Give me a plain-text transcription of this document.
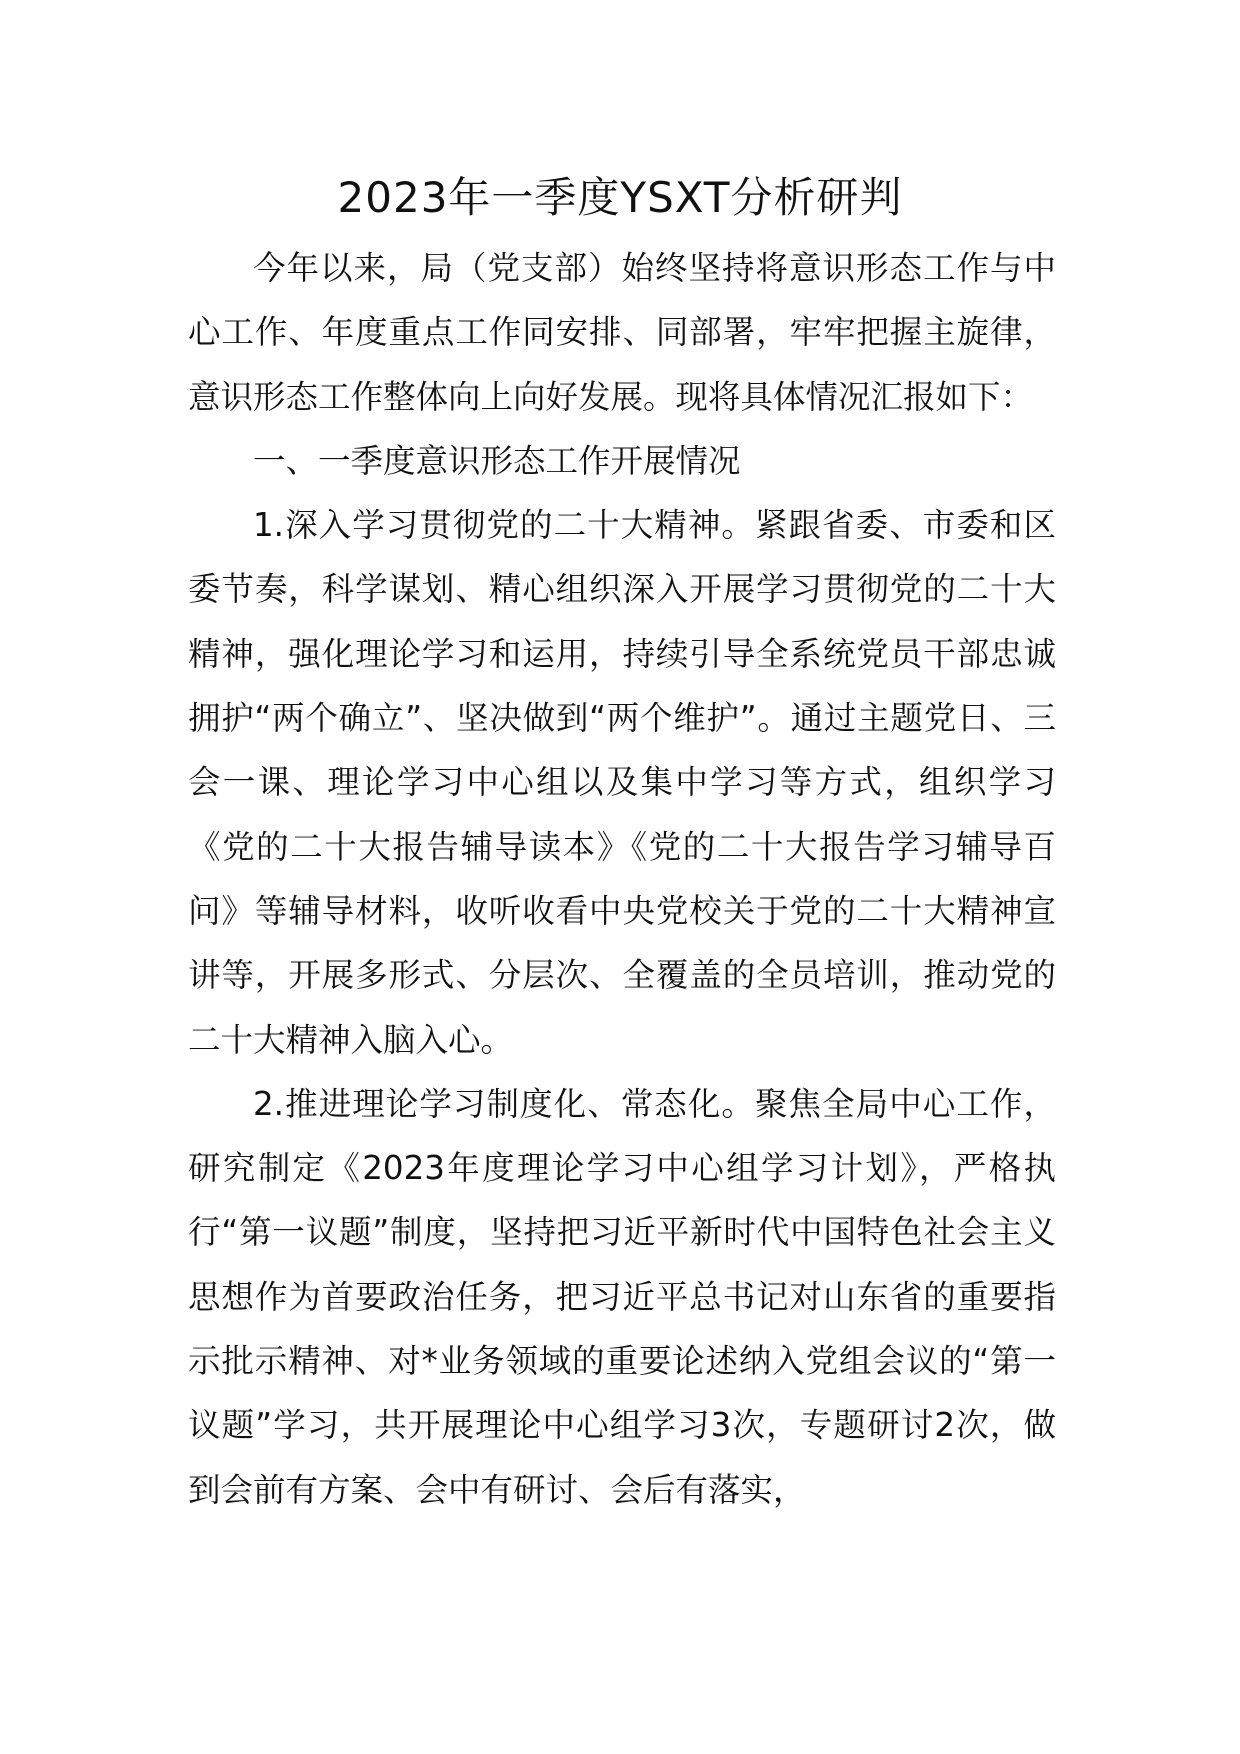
2023年一季度YSXT分析研判

今年以来，局（党支部）始终坚持将意识形态工作与中心工作、年度重点工作同安排、同部署，牢牢把握主旋律，意识形态工作整体向上向好发展。现将具体情况汇报如下：

一、一季度意识形态工作开展情况

1.深入学习贯彻党的二十大精神。紧跟省委、市委和区委节奏，科学谋划、精心组织深入开展学习贯彻党的二十大精神，强化理论学习和运用，持续引导全系统党员干部忠诚拥护“两个确立”、坚决做到“两个维护”。通过主题党日、三会一课、理论学习中心组以及集中学习等方式，组织学习《党的二十大报告辅导读本》《党的二十大报告学习辅导百问》等辅导材料，收听收看中央党校关于党的二十大精神宣讲等，开展多形式、分层次、全覆盖的全员培训，推动党的二十大精神入脑入心。

2.推进理论学习制度化、常态化。聚焦全局中心工作，研究制定《2023年度理论学习中心组学习计划》，严格执行“第一议题”制度，坚持把习近平新时代中国特色社会主义思想作为首要政治任务，把习近平总书记对山东省的重要指示批示精神、对*业务领域的重要论述纳入党组会议的“第一议题”学习，共开展理论中心组学习3次，专题研讨2次，做到会前有方案、会中有研讨、会后有落实，
